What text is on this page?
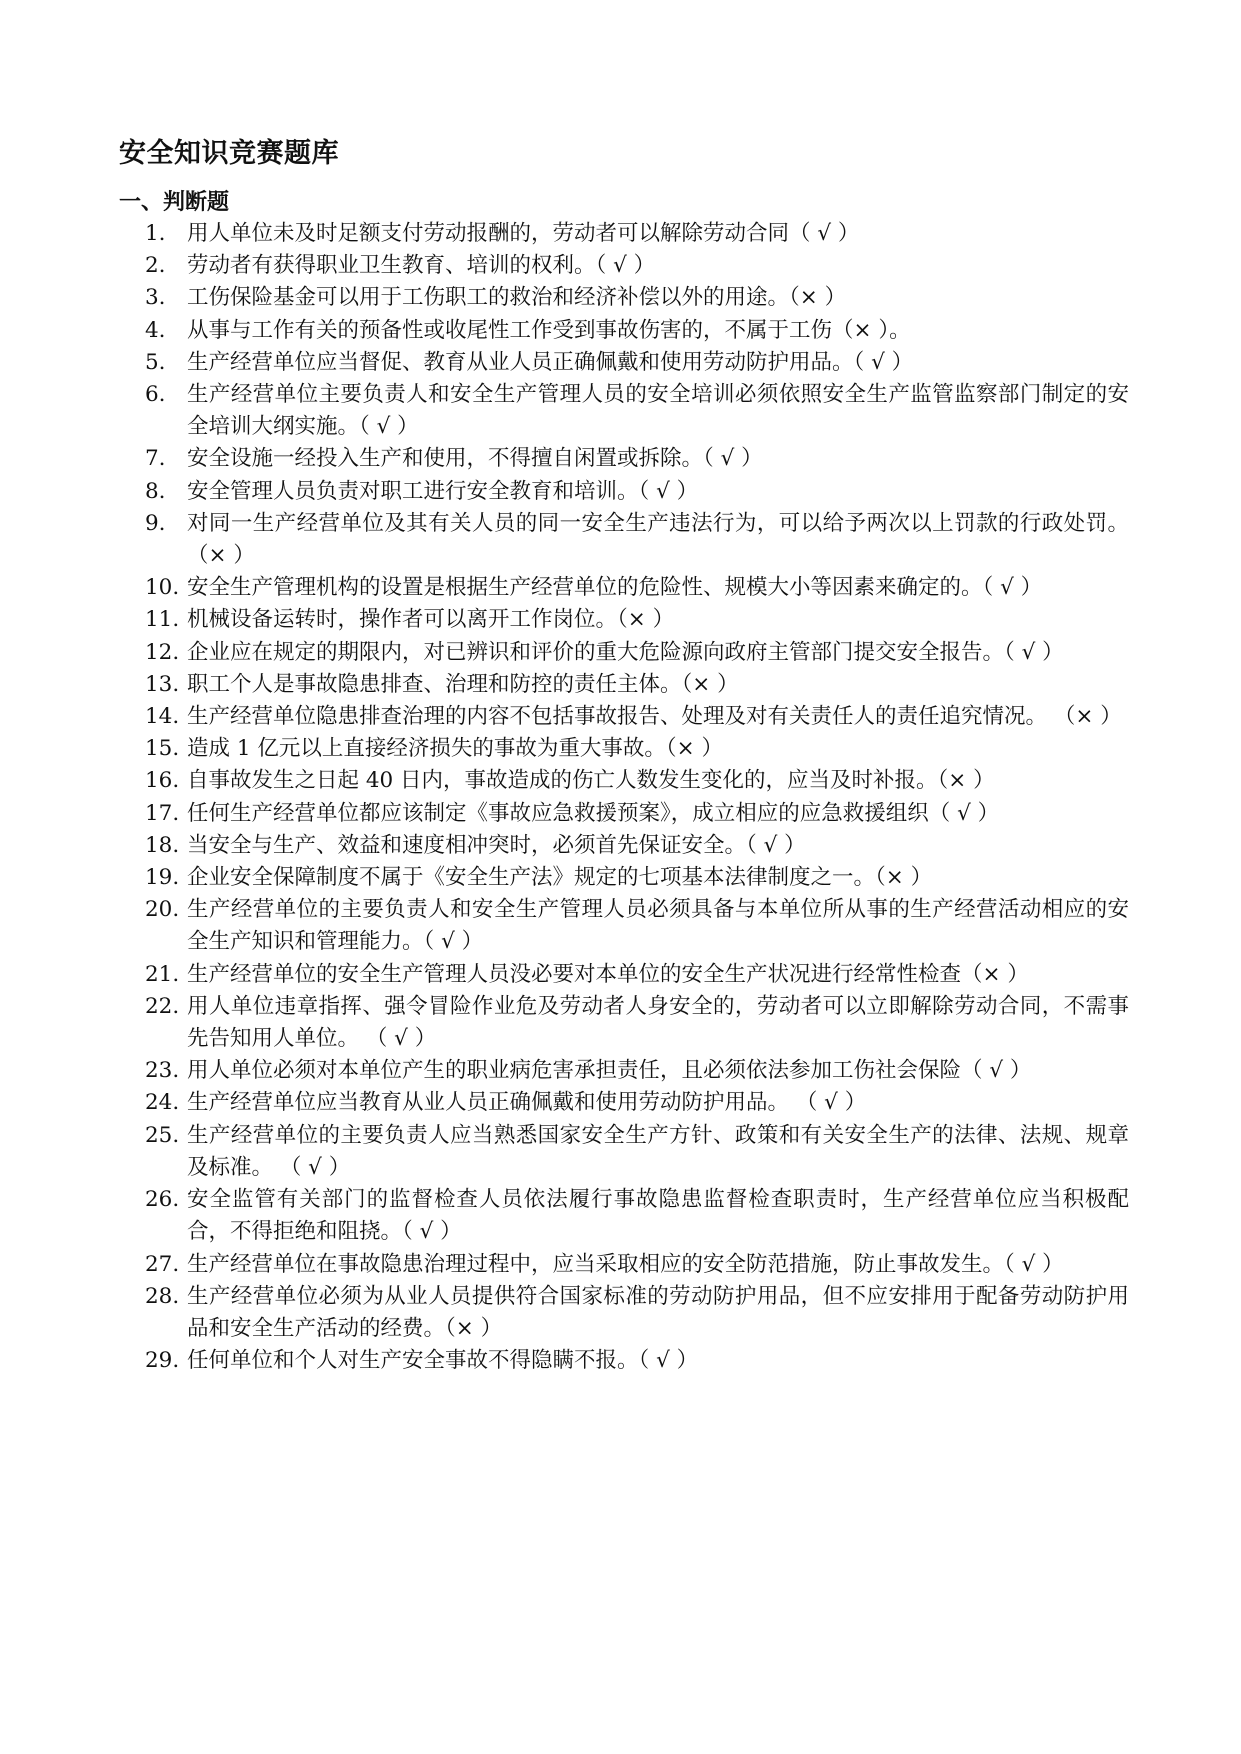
安全知识竞赛题库
一、判断题
1. 用人单位未及时足额支付劳动报酬的，劳动者可以解除劳动合同（ √ ）
2. 劳动者有获得职业卫生教育、培训的权利。（ √ ）
3. 工伤保险基金可以用于工伤职工的救治和经济补偿以外的用途。（× ）
4. 从事与工作有关的预备性或收尾性工作受到事故伤害的，不属于工伤（× ）。
5. 生产经营单位应当督促、教育从业人员正确佩戴和使用劳动防护用品。（ √ ）
6. 生产经营单位主要负责人和安全生产管理人员的安全培训必须依照安全生产监管监察部门制定的安全培训大纲实施。（ √ ）
7. 安全设施一经投入生产和使用，不得擅自闲置或拆除。（ √ ）
8. 安全管理人员负责对职工进行安全教育和培训。（ √ ）
9. 对同一生产经营单位及其有关人员的同一安全生产违法行为，可以给予两次以上罚款的行政处罚。（× ）
10. 安全生产管理机构的设置是根据生产经营单位的危险性、规模大小等因素来确定的。（ √ ）
11. 机械设备运转时，操作者可以离开工作岗位。（× ）
12. 企业应在规定的期限内，对已辨识和评价的重大危险源向政府主管部门提交安全报告。（ √ ）
13. 职工个人是事故隐患排查、治理和防控的责任主体。（× ）
14. 生产经营单位隐患排查治理的内容不包括事故报告、处理及对有关责任人的责任追究情况。 （× ）
15. 造成 1 亿元以上直接经济损失的事故为重大事故。（× ）
16. 自事故发生之日起 40 日内，事故造成的伤亡人数发生变化的，应当及时补报。（× ）
17. 任何生产经营单位都应该制定《事故应急救援预案》，成立相应的应急救援组织（ √ ）
18. 当安全与生产、效益和速度相冲突时，必须首先保证安全。（ √ ）
19. 企业安全保障制度不属于《安全生产法》规定的七项基本法律制度之一。（× ）
20. 生产经营单位的主要负责人和安全生产管理人员必须具备与本单位所从事的生产经营活动相应的安全生产知识和管理能力。（ √ ）
21. 生产经营单位的安全生产管理人员没必要对本单位的安全生产状况进行经常性检查（× ）
22. 用人单位违章指挥、强令冒险作业危及劳动者人身安全的，劳动者可以立即解除劳动合同，不需事先告知用人单位。 （ √ ）
23. 用人单位必须对本单位产生的职业病危害承担责任，且必须依法参加工伤社会保险（ √ ）
24. 生产经营单位应当教育从业人员正确佩戴和使用劳动防护用品。 （ √ ）
25. 生产经营单位的主要负责人应当熟悉国家安全生产方针、政策和有关安全生产的法律、法规、规章及标准。 （ √ ）
26. 安全监管有关部门的监督检查人员依法履行事故隐患监督检查职责时，生产经营单位应当积极配合，不得拒绝和阻挠。（ √ ）
27. 生产经营单位在事故隐患治理过程中，应当采取相应的安全防范措施，防止事故发生。（ √ ）
28. 生产经营单位必须为从业人员提供符合国家标准的劳动防护用品，但不应安排用于配备劳动防护用品和安全生产活动的经费。（× ）
29. 任何单位和个人对生产安全事故不得隐瞒不报。（ √ ）
